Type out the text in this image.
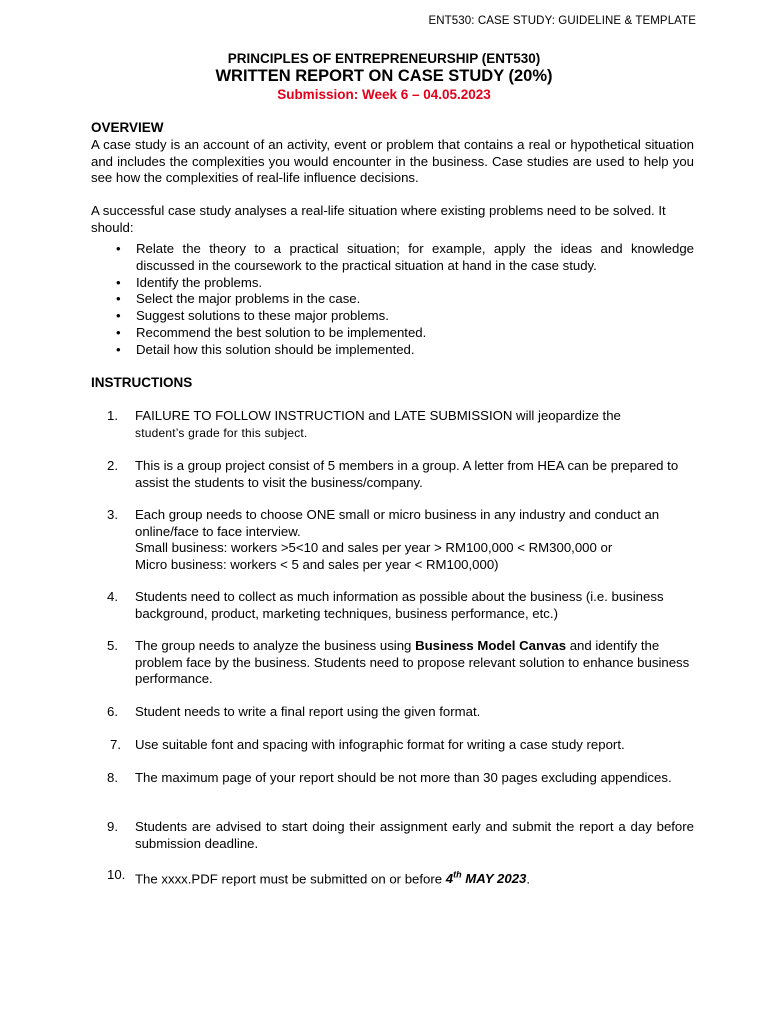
ENT530: CASE STUDY: GUIDELINE & TEMPLATE
PRINCIPLES OF ENTREPRENEURSHIP (ENT530)
WRITTEN REPORT ON CASE STUDY (20%)
Submission: Week 6 – 04.05.2023
OVERVIEW
A case study is an account of an activity, event or problem that contains a real or hypothetical situation and includes the complexities you would encounter in the business. Case studies are used to help you see how the complexities of real-life influence decisions.
A successful case study analyses a real-life situation where existing problems need to be solved. It should:
• Relate the theory to a practical situation; for example, apply the ideas and knowledge discussed in the coursework to the practical situation at hand in the case study.
• Identify the problems.
• Select the major problems in the case.
• Suggest solutions to these major problems.
• Recommend the best solution to be implemented.
• Detail how this solution should be implemented.
INSTRUCTIONS
1. FAILURE TO FOLLOW INSTRUCTION and LATE SUBMISSION will jeopardize the
student’s grade for this subject.
2. This is a group project consist of 5 members in a group. A letter from HEA can be prepared to assist the students to visit the business/company.
3. Each group needs to choose ONE small or micro business in any industry and conduct an online/face to face interview.
Small business: workers >5<10 and sales per year > RM100,000 < RM300,000 or
Micro business: workers < 5 and sales per year < RM100,000)
4. Students need to collect as much information as possible about the business (i.e. business background, product, marketing techniques, business performance, etc.)
5. The group needs to analyze the business using Business Model Canvas and identify the problem face by the business. Students need to propose relevant solution to enhance business performance.
6. Student needs to write a final report using the given format.
7. Use suitable font and spacing with infographic format for writing a case study report.
8. The maximum page of your report should be not more than 30 pages excluding appendices.
9. Students are advised to start doing their assignment early and submit the report a day before submission deadline.
10. The xxxx.PDF report must be submitted on or before 4th MAY 2023.
